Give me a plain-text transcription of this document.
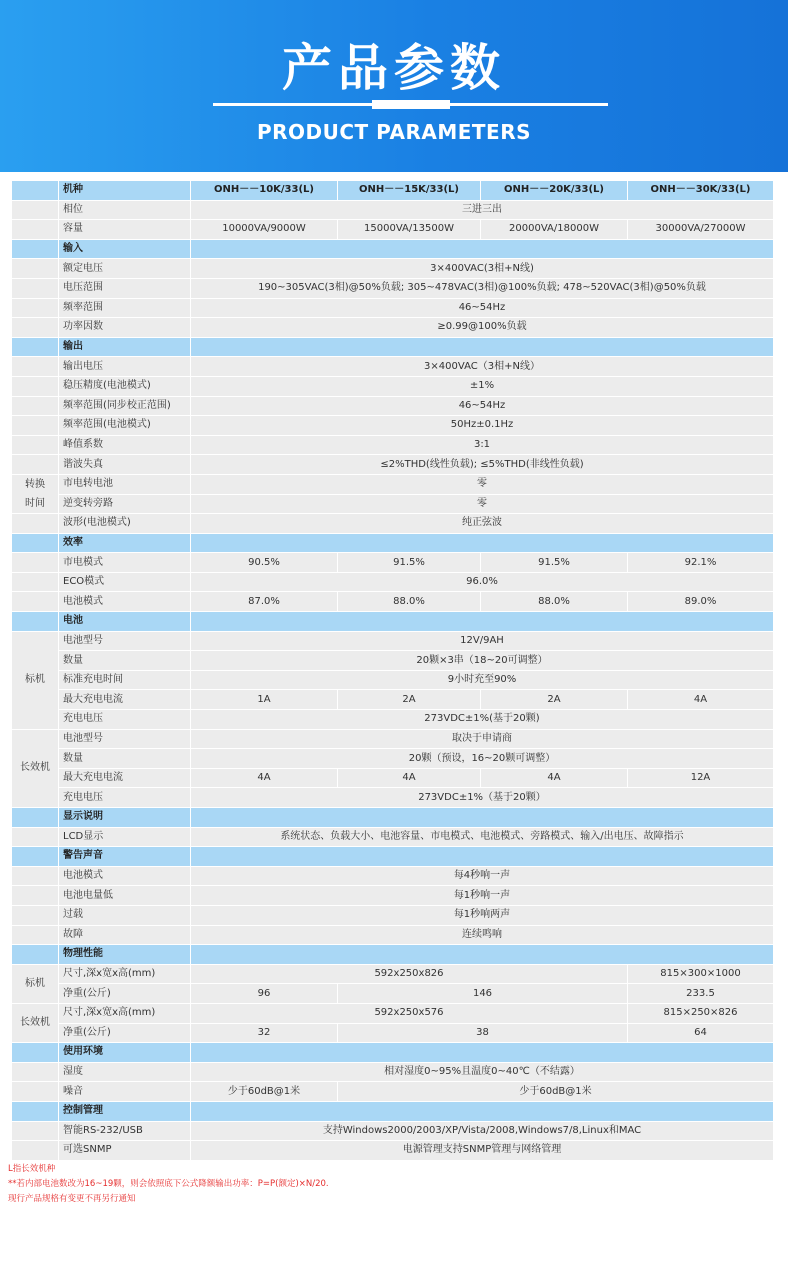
产品参数
PRODUCT PARAMETERS
	机种	ONH－－10K/33(L)	ONH－－15K/33(L)	ONH－－20K/33(L)	ONH－－30K/33(L)
	相位	三进三出			
	容量	10000VA/9000W	15000VA/13500W	20000VA/18000W	30000VA/27000W
	输入				
	额定电压	3×400VAC(3相+N线)			
	电压范围	190~305VAC(3相)@50%负载; 305~478VAC(3相)@100%负载; 478~520VAC(3相)@50%负载			
	频率范围	46~54Hz			
	功率因数	≥0.99@100%负载			
	输出				
	输出电压	3×400VAC（3相+N线）			
	稳压精度(电池模式)	±1%			
	频率范围(同步校正范围)	46~54Hz			
	频率范围(电池模式)	50Hz±0.1Hz			
	峰值系数	3:1			
	谐波失真	≤2%THD(线性负载); ≤5%THD(非线性负载)			

转换
时间	市电转电池	零			
	逆变转旁路	零			
	波形(电池模式)	纯正弦波			
	效率				
	市电模式	90.5%	91.5%	91.5%	92.1%
	ECO模式	96.0%			
	电池模式	87.0%	88.0%	88.0%	89.0%
	电池				
标机	电池型号	12V/9AH			
	数量	20颗×3串（18~20可调整）			
	标准充电时间	9小时充至90%			
	最大充电电流	1A	2A	2A	4A
	充电电压	273VDC±1%(基于20颗)			
长效机	电池型号	取决于申请商			
	数量	20颗（预设，16~20颗可调整）			
	最大充电电流	4A	4A	4A	12A
	充电电压	273VDC±1%（基于20颗）			
	显示说明				
	LCD显示	系统状态、负载大小、电池容量、市电模式、电池模式、旁路模式、输入/出电压、故障指示			
	警告声音				
	电池模式	每4秒响一声			
	电池电量低	每1秒响一声			
	过载	每1秒响两声			
	故障	连续鸣响			
	物理性能				
标机	尺寸,深x宽x高(mm)	592x250x826			815×300×1000
	净重(公斤)	96	146		233.5
长效机	尺寸,深x宽x高(mm)	592x250x576			815×250×826
	净重(公斤)	32	38		64
	使用环境				
	湿度	相对湿度0~95%且温度0~40℃（不结露）			
	噪音	少于60dB@1米	少于60dB@1米		
	控制管理				
	智能RS-232/USB	支持Windows2000/2003/XP/Vista/2008,Windows7/8,Linux和MAC			
	可选SNMP	电源管理支持SNMP管理与网络管理			
L指长效机种
**若内部电池数改为16~19颗，则会依照底下公式降额输出功率：P=P(额定)×N/20.
现行产品规格有变更不再另行通知
